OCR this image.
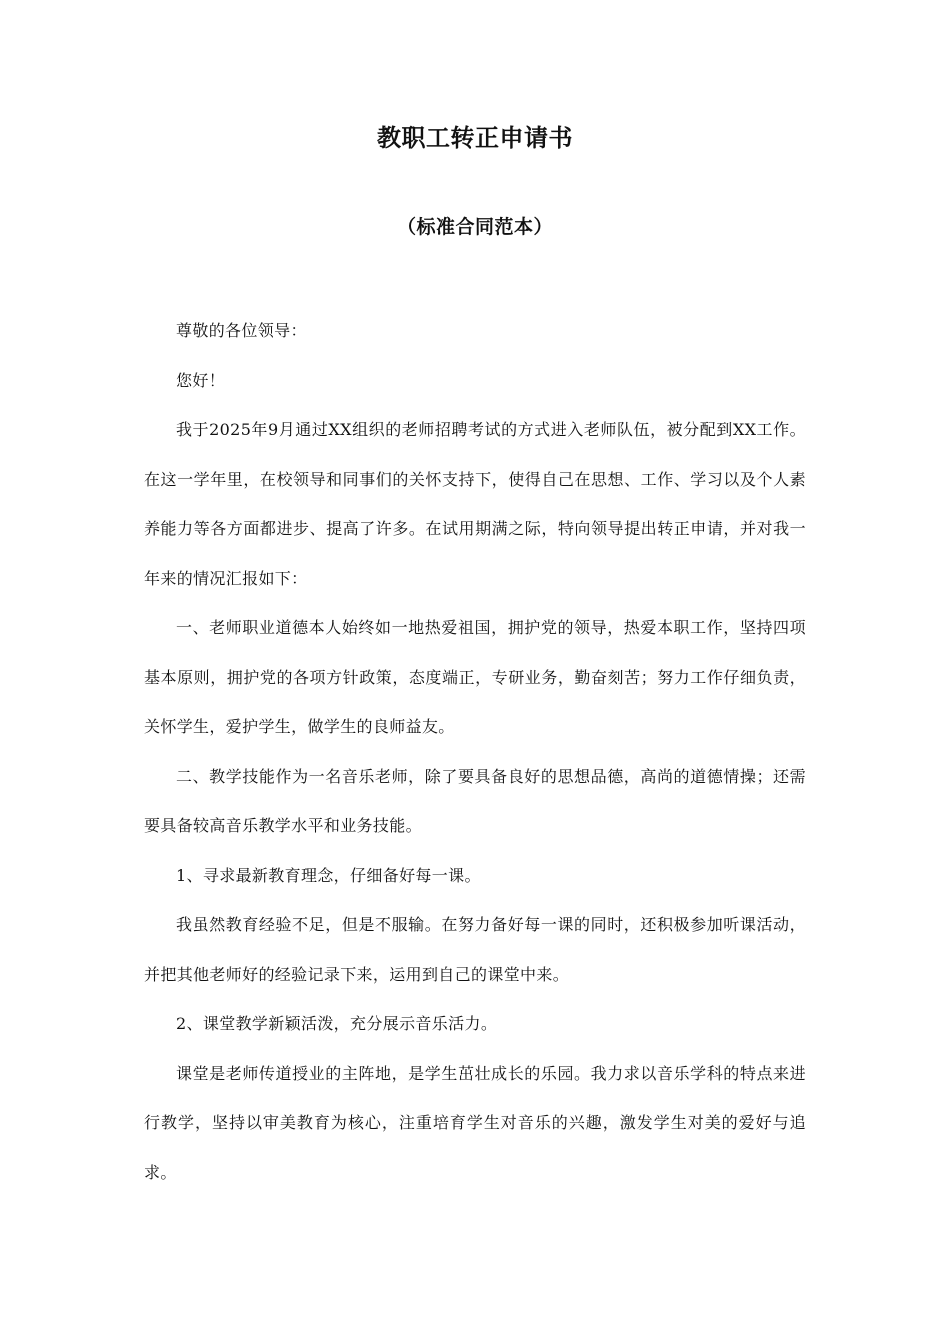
教职工转正申请书
（标准合同范本）

尊敬的各位领导：

您好！

我于2025年9月通过XX组织的老师招聘考试的方式进入老师队伍，被分配到XX工作。在这一学年里，在校领导和同事们的关怀支持下，使得自己在思想、工作、学习以及个人素养能力等各方面都进步、提高了许多。在试用期满之际，特向领导提出转正申请，并对我一年来的情况汇报如下：

一、老师职业道德本人始终如一地热爱祖国，拥护党的领导，热爱本职工作，坚持四项基本原则，拥护党的各项方针政策，态度端正，专研业务，勤奋刻苦；努力工作仔细负责，关怀学生，爱护学生，做学生的良师益友。

二、教学技能作为一名音乐老师，除了要具备良好的思想品德，高尚的道德情操；还需要具备较高音乐教学水平和业务技能。

1、寻求最新教育理念，仔细备好每一课。

我虽然教育经验不足，但是不服输。在努力备好每一课的同时，还积极参加听课活动，并把其他老师好的经验记录下来，运用到自己的课堂中来。

2、课堂教学新颖活泼，充分展示音乐活力。

课堂是老师传道授业的主阵地，是学生茁壮成长的乐园。我力求以音乐学科的特点来进行教学，坚持以审美教育为核心，注重培育学生对音乐的兴趣，激发学生对美的爱好与追求。
